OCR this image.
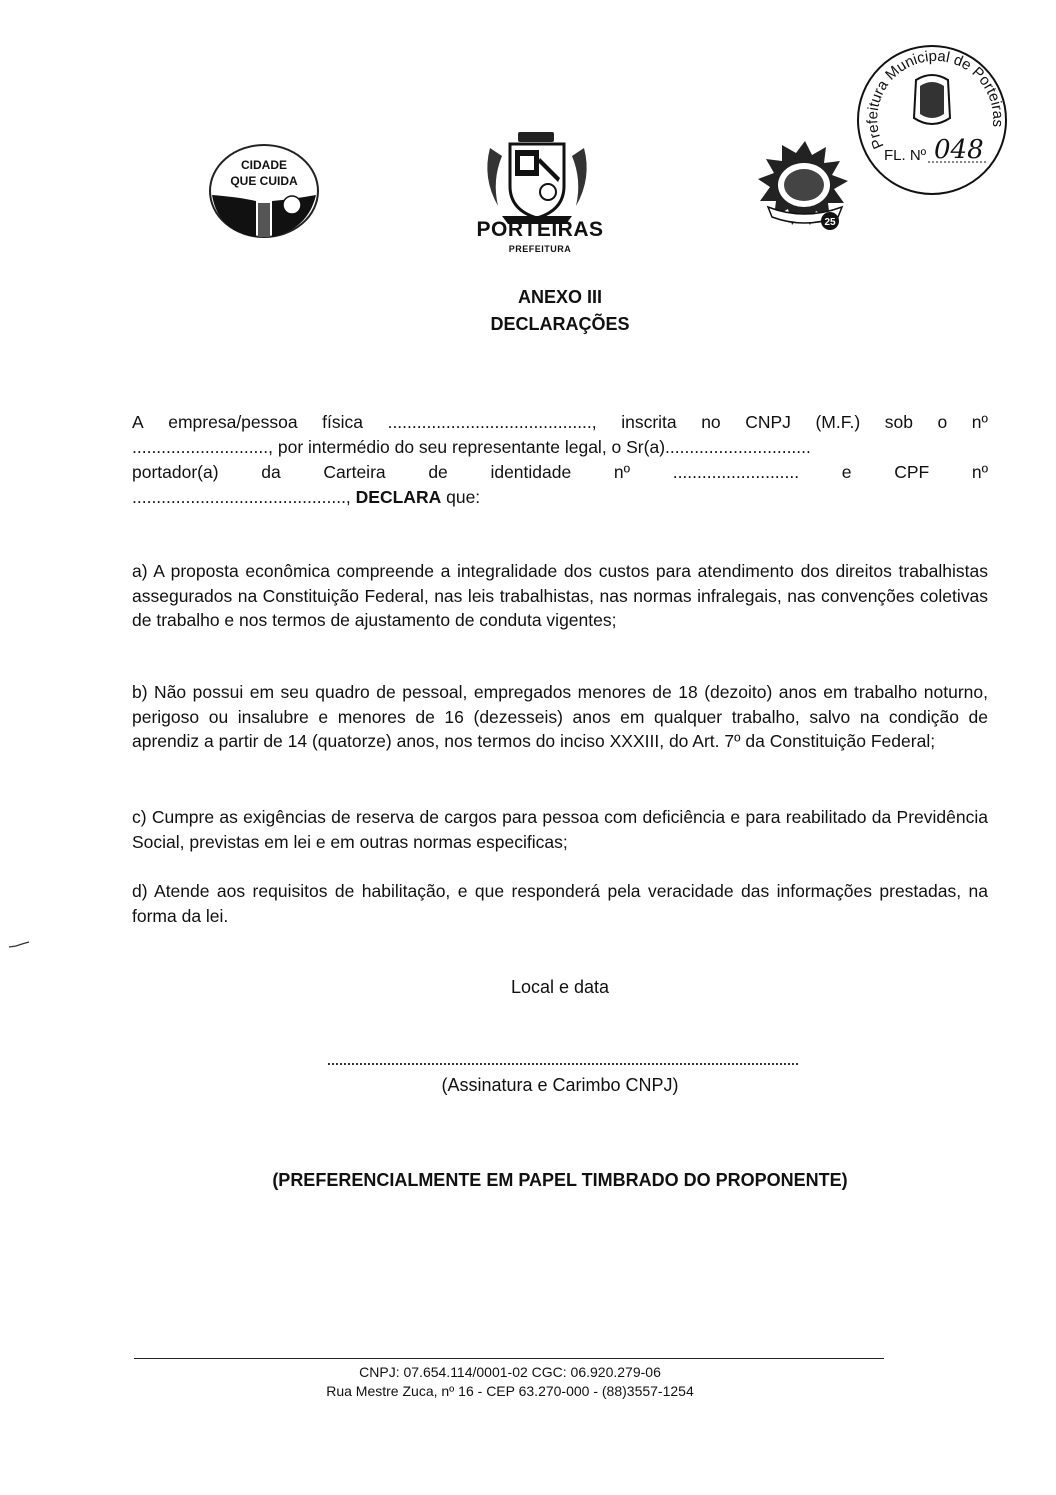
CIDADE
QUE CUIDA
PORTEIRAS
PREFEITURA
25
Prefeitura Municipal de Porteiras
FL. Nº 048
ANEXO III
DECLARAÇÕES
A empresa/pessoa física .........................................., inscrita no CNPJ (M.F.) sob o nº
............................, por intermédio do seu representante legal, o Sr(a)..............................
portador(a) da Carteira de identidade nº .......................... e CPF nº
............................................, DECLARA que:
a) A proposta econômica compreende a integralidade dos custos para atendimento dos direitos trabalhistas assegurados na Constituição Federal, nas leis trabalhistas, nas normas infralegais, nas convenções coletivas de trabalho e nos termos de ajustamento de conduta vigentes;
b) Não possui em seu quadro de pessoal, empregados menores de 18 (dezoito) anos em trabalho noturno, perigoso ou insalubre e menores de 16 (dezesseis) anos em qualquer trabalho, salvo na condição de aprendiz a partir de 14 (quatorze) anos, nos termos do inciso XXXIII, do Art. 7º da Constituição Federal;
c) Cumpre as exigências de reserva de cargos para pessoa com deficiência e para reabilitado da Previdência Social, previstas em lei e em outras normas especificas;
d) Atende aos requisitos de habilitação, e que responderá pela veracidade das informações prestadas, na forma da lei.
Local e data
(Assinatura e Carimbo CNPJ)
(PREFERENCIALMENTE EM PAPEL TIMBRADO DO PROPONENTE)
CNPJ: 07.654.114/0001-02 CGC: 06.920.279-06
Rua Mestre Zuca, nº 16 - CEP 63.270-000 - (88)3557-1254
